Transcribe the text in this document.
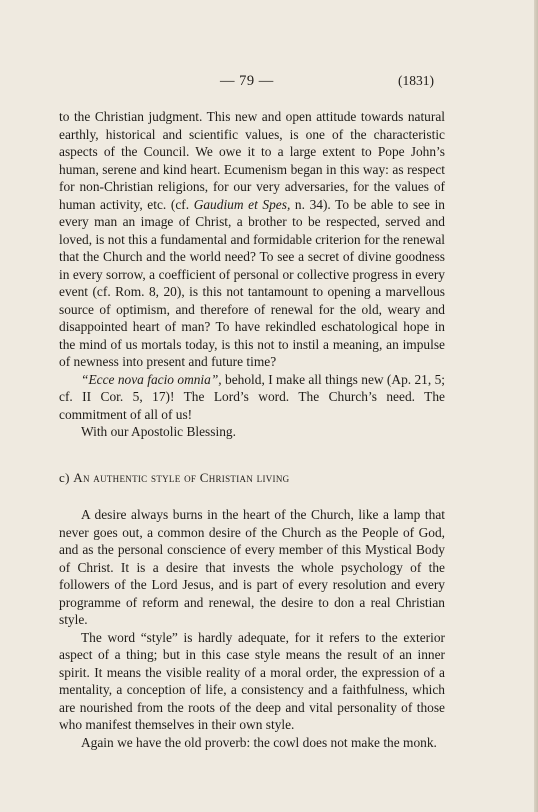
— 79 —	(1831)

to the Christian judgment. This new and open attitude towards natural earthly, historical and scientific values, is one of the characteristic aspects of the Council. We owe it to a large extent to Pope John’s human, serene and kind heart. Ecumenism began in this way: as respect for non-Christian religions, for our very adversaries, for the values of human activity, etc. (cf. Gaudium et Spes, n. 34). To be able to see in every man an image of Christ, a brother to be respected, served and loved, is not this a fundamental and formidable criterion for the renewal that the Church and the world need? To see a secret of divine goodness in every sorrow, a coefficient of personal or collective progress in every event (cf. Rom. 8, 20), is this not tantamount to opening a marvellous source of optimism, and therefore of renewal for the old, weary and disappointed heart of man? To have rekindled eschatological hope in the mind of us mortals today, is this not to instil a meaning, an impulse of newness into present and future time?

“Ecce nova facio omnia”, behold, I make all things new (Ap. 21, 5; cf. II Cor. 5, 17)! The Lord’s word. The Church’s need. The commitment of all of us!

With our Apostolic Blessing.

c) An authentic style of Christian living

A desire always burns in the heart of the Church, like a lamp that never goes out, a common desire of the Church as the People of God, and as the personal conscience of every member of this Mystical Body of Christ. It is a desire that invests the whole psychology of the followers of the Lord Jesus, and is part of every resolution and every programme of reform and renewal, the desire to don a real Christian style.

The word “style” is hardly adequate, for it refers to the exterior aspect of a thing; but in this case style means the result of an inner spirit. It means the visible reality of a moral order, the expression of a mentality, a conception of life, a consistency and a faithfulness, which are nourished from the roots of the deep and vital personality of those who manifest themselves in their own style.

Again we have the old proverb: the cowl does not make the monk.
